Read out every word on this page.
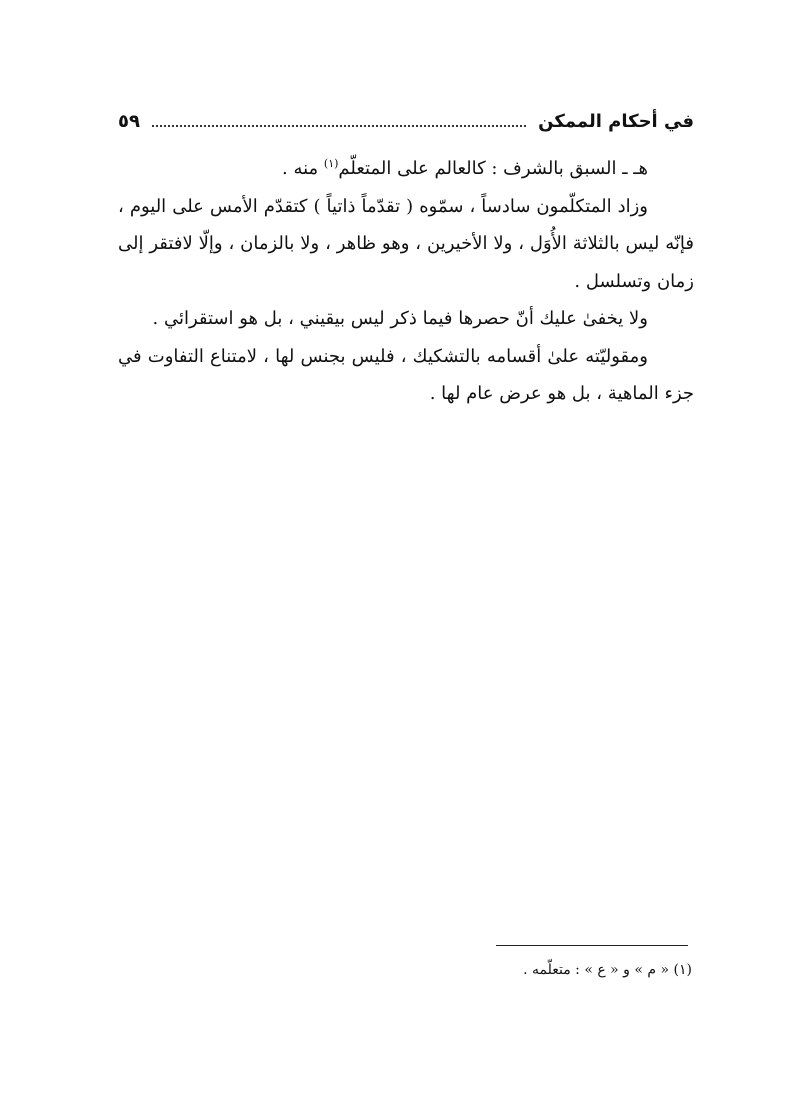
في أحكام الممكن
٥٩

هـ ـ السبق بالشرف : كالعالم على المتعلّم$^{(١)}$ منه .

وزاد المتكلّمون سادساً ، سمّوه ( تقدّماً ذاتياً ) كتقدّم الأمس على اليوم ، فإنّه ليس بالثلاثة الأُوَل ، ولا الأخيرين ، وهو ظاهر ، ولا بالزمان ، وإلّا لافتقر إلى زمان وتسلسل .

ولا يخفىٰ عليك أنّ حصرها فيما ذكر ليس بيقيني ، بل هو استقرائي .

ومقوليّته علىٰ أقسامه بالتشكيك ، فليس بجنس لها ، لامتناع التفاوت في جزء الماهية ، بل هو عرض عام لها .

(١) « م » و « ع » : متعلّمه .
